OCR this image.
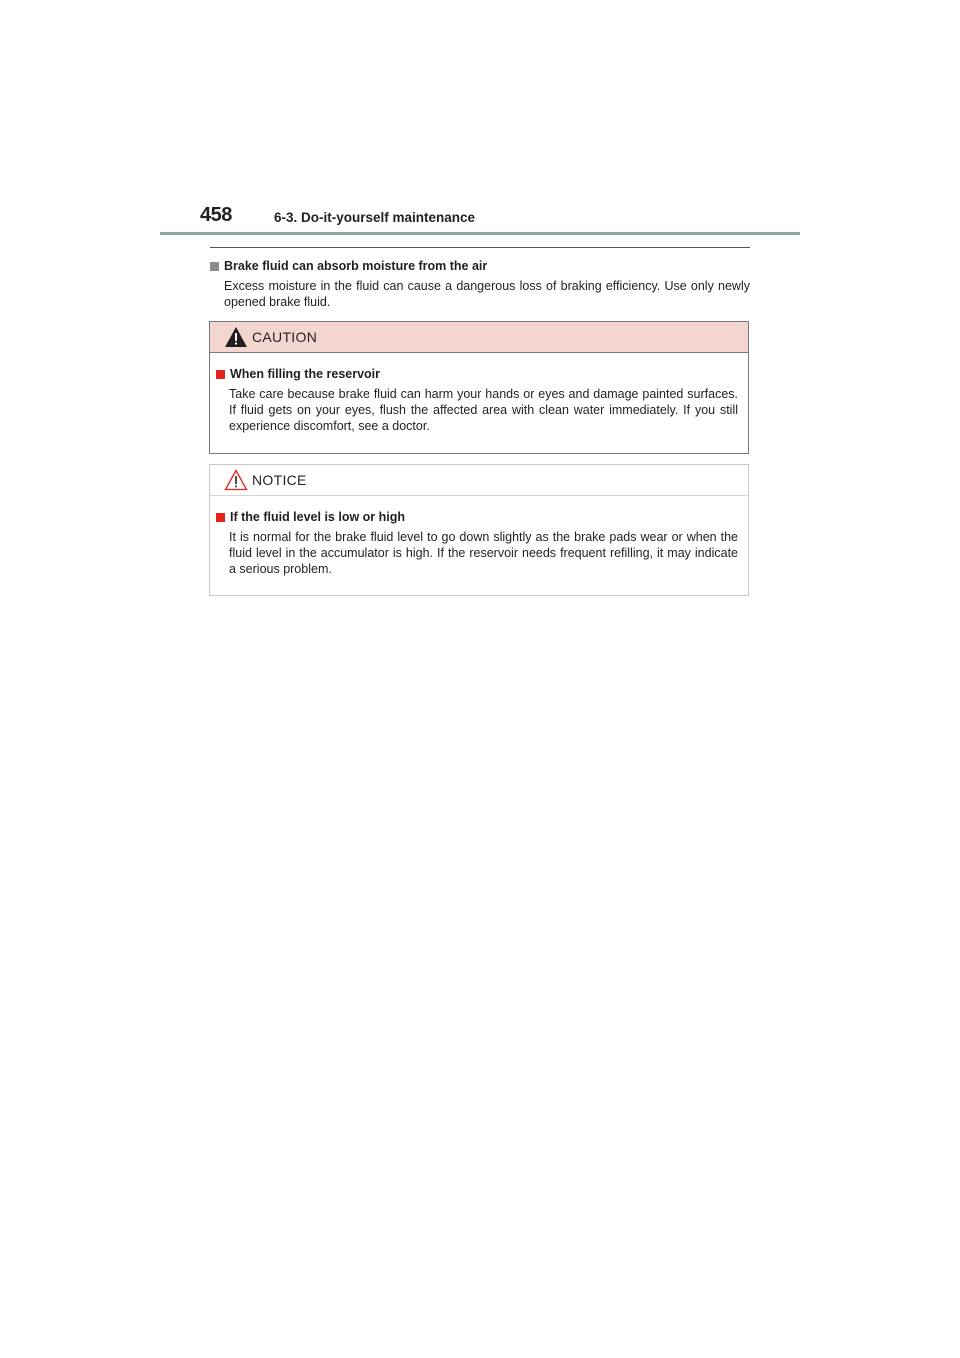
458	6-3. Do-it-yourself maintenance
Brake fluid can absorb moisture from the air
Excess moisture in the fluid can cause a dangerous loss of braking efficiency. Use only newly opened brake fluid.
CAUTION
When filling the reservoir
Take care because brake fluid can harm your hands or eyes and damage painted surfaces. If fluid gets on your eyes, flush the affected area with clean water immediately. If you still experience discomfort, see a doctor.
NOTICE
If the fluid level is low or high
It is normal for the brake fluid level to go down slightly as the brake pads wear or when the fluid level in the accumulator is high. If the reservoir needs frequent refilling, it may indicate a serious problem.
